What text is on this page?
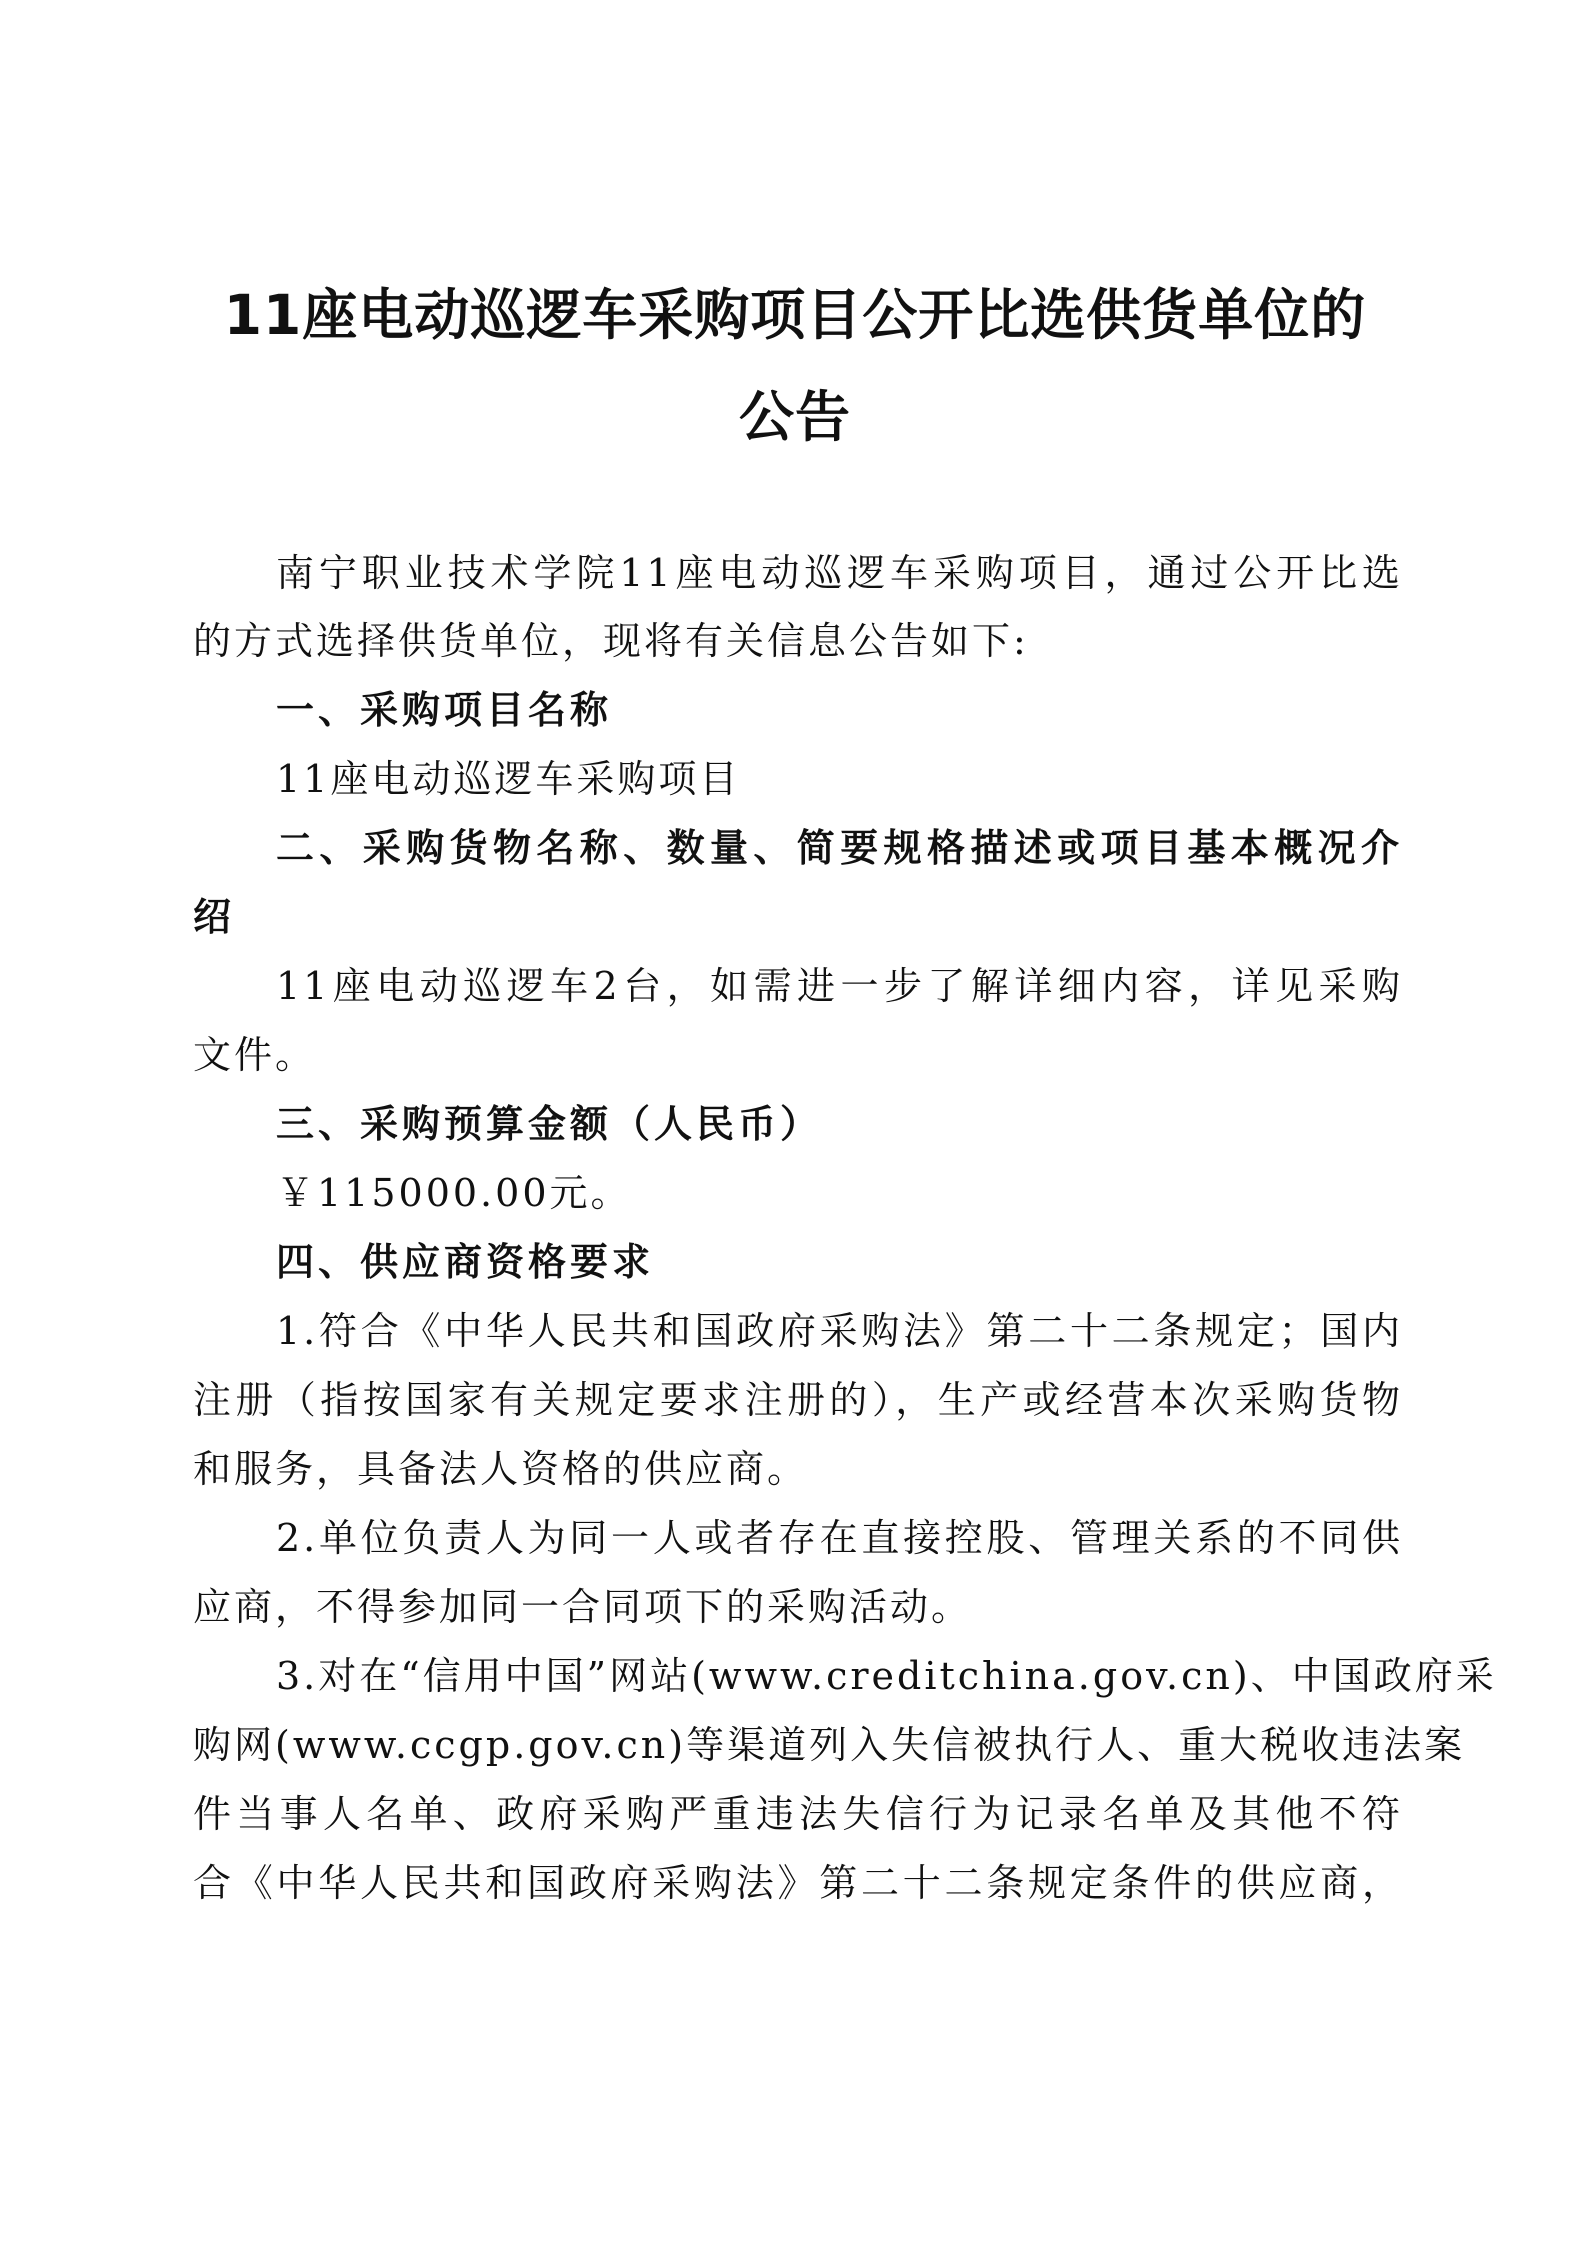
11座电动巡逻车采购项目公开比选供货单位的
公告
南宁职业技术学院11座电动巡逻车采购项目，通过公开比选
的方式选择供货单位，现将有关信息公告如下:
一、采购项目名称
11座电动巡逻车采购项目
二、采购货物名称、数量、简要规格描述或项目基本概况介
绍
11座电动巡逻车2台，如需进一步了解详细内容，详见采购
文件。
三、采购预算金额（人民币）
￥115000.00元。
四、供应商资格要求
1.符合《中华人民共和国政府采购法》第二十二条规定；国内
注册（指按国家有关规定要求注册的），生产或经营本次采购货物
和服务，具备法人资格的供应商。
2.单位负责人为同一人或者存在直接控股、管理关系的不同供
应商，不得参加同一合同项下的采购活动。
3.对在“信用中国”网站(www.creditchina.gov.cn)、中国政府采
购网(www.ccgp.gov.cn)等渠道列入失信被执行人、重大税收违法案
件当事人名单、政府采购严重违法失信行为记录名单及其他不符
合《中华人民共和国政府采购法》第二十二条规定条件的供应商，
